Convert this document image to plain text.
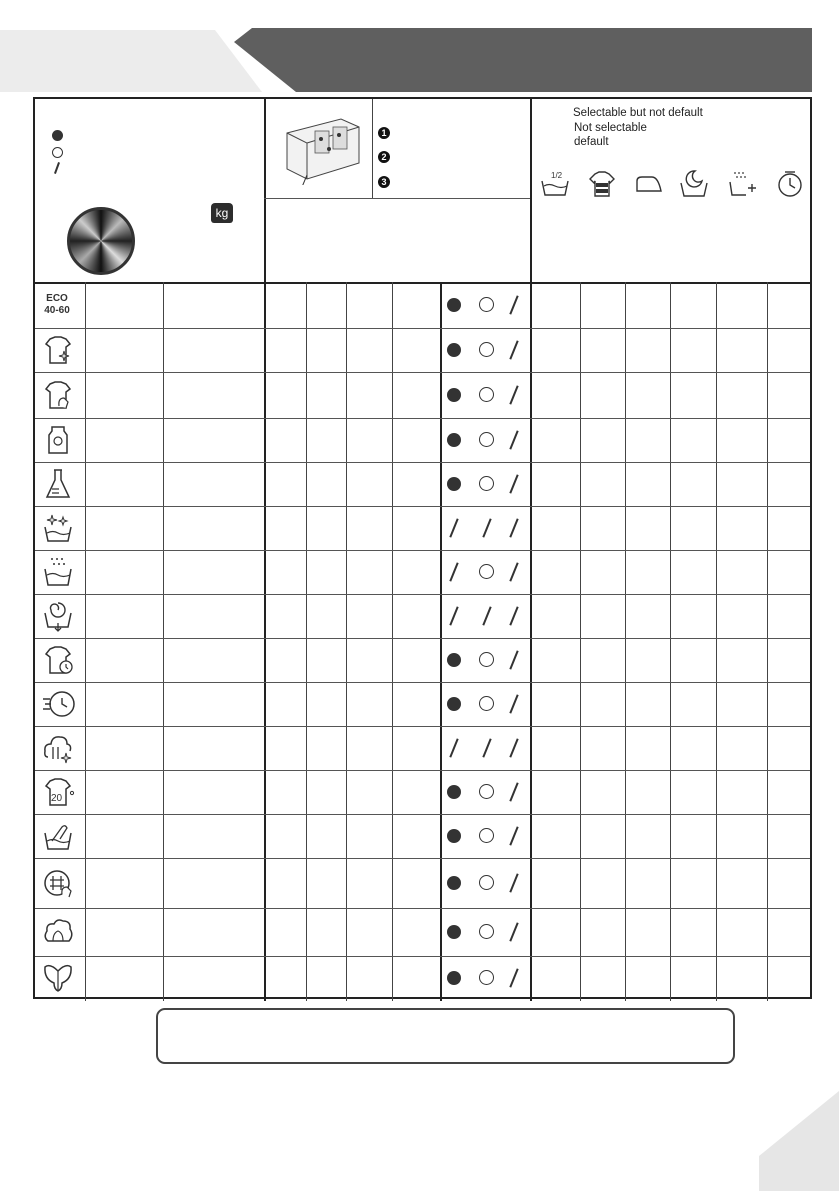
kg
1
2
3
Selectable but not default
Not selectable
default
1/2
ECO
40-60
20
